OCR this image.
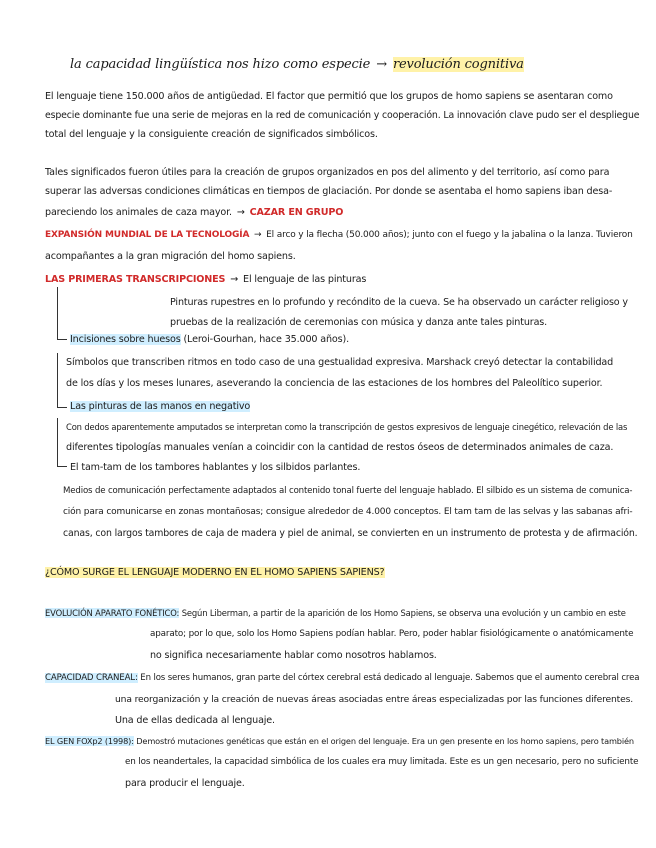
la capacidad lingüística nos hizo como especie → revolución cognitiva
El lenguaje tiene 150.000 años de antigüedad. El factor que permitió que los grupos de homo sapiens se asentaran como
especie dominante fue una serie de mejoras en la red de comunicación y cooperación. La innovación clave pudo ser el despliegue
total del lenguaje y la consiguiente creación de significados simbólicos.
Tales significados fueron útiles para la creación de grupos organizados en pos del alimento y del territorio, así como para
superar las adversas condiciones climáticas en tiempos de glaciación. Por donde se asentaba el homo sapiens iban desa-
pareciendo los animales de caza mayor. → CAZAR EN GRUPO
EXPANSIÓN MUNDIAL DE LA TECNOLOGÍA → El arco y la flecha (50.000 años); junto con el fuego y la jabalina o la lanza. Tuvieron
acompañantes a la gran migración del homo sapiens.
LAS PRIMERAS TRANSCRIPCIONES → El lenguaje de las pinturas
Pinturas rupestres en lo profundo y recóndito de la cueva. Se ha observado un carácter religioso y
pruebas de la realización de ceremonias con música y danza ante tales pinturas.
Incisiones sobre huesos (Leroi-Gourhan, hace 35.000 años).
Símbolos que transcriben ritmos en todo caso de una gestualidad expresiva. Marshack creyó detectar la contabilidad
de los días y los meses lunares, aseverando la conciencia de las estaciones de los hombres del Paleolítico superior.
Las pinturas de las manos en negativo
Con dedos aparentemente amputados se interpretan como la transcripción de gestos expresivos de lenguaje cinegético, relevación de las
diferentes tipologías manuales venían a coincidir con la cantidad de restos óseos de determinados animales de caza.
El tam-tam de los tambores hablantes y los silbidos parlantes.
Medios de comunicación perfectamente adaptados al contenido tonal fuerte del lenguaje hablado. El silbido es un sistema de comunica-
ción para comunicarse en zonas montañosas; consigue alrededor de 4.000 conceptos. El tam tam de las selvas y las sabanas afri-
canas, con largos tambores de caja de madera y piel de animal, se convierten en un instrumento de protesta y de afirmación.
¿CÓMO SURGE EL LENGUAJE MODERNO EN EL HOMO SAPIENS SAPIENS?
EVOLUCIÓN APARATO FONÉTICO: Según Liberman, a partir de la aparición de los Homo Sapiens, se observa una evolución y un cambio en este
aparato; por lo que, solo los Homo Sapiens podían hablar. Pero, poder hablar fisiológicamente o anatómicamente
no significa necesariamente hablar como nosotros hablamos.
CAPACIDAD CRANEAL: En los seres humanos, gran parte del córtex cerebral está dedicado al lenguaje. Sabemos que el aumento cerebral crea
una reorganización y la creación de nuevas áreas asociadas entre áreas especializadas por las funciones diferentes.
Una de ellas dedicada al lenguaje.
EL GEN FOXp2 (1998): Demostró mutaciones genéticas que están en el origen del lenguaje. Era un gen presente en los homo sapiens, pero también
en los neandertales, la capacidad simbólica de los cuales era muy limitada. Este es un gen necesario, pero no suficiente
para producir el lenguaje.
